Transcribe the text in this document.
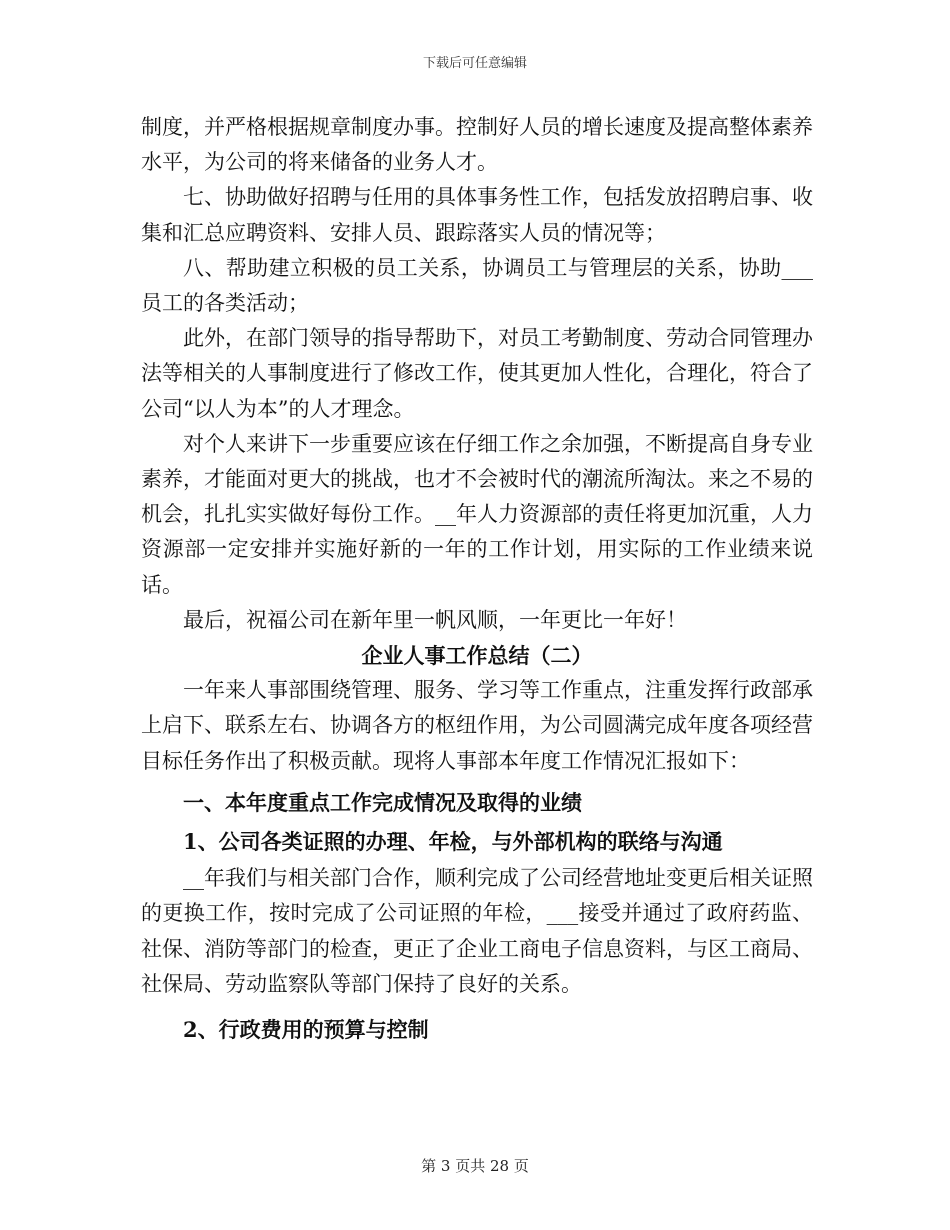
下载后可任意编辑

制度，并严格根据规章制度办事。控制好人员的增长速度及提高整体素养水平，为公司的将来储备的业务人才。

七、协助做好招聘与任用的具体事务性工作，包括发放招聘启事、收集和汇总应聘资料、安排人员、跟踪落实人员的情况等；

八、帮助建立积极的员工关系，协调员工与管理层的关系，协助___员工的各类活动；

此外，在部门领导的指导帮助下，对员工考勤制度、劳动合同管理办法等相关的人事制度进行了修改工作，使其更加人性化，合理化，符合了公司“以人为本”的人才理念。

对个人来讲下一步重要应该在仔细工作之余加强，不断提高自身专业素养，才能面对更大的挑战，也才不会被时代的潮流所淘汰。来之不易的机会，扎扎实实做好每份工作。__年人力资源部的责任将更加沉重，人力资源部一定安排并实施好新的一年的工作计划，用实际的工作业绩来说话。

最后，祝福公司在新年里一帆风顺，一年更比一年好！

企业人事工作总结（二）

一年来人事部围绕管理、服务、学习等工作重点，注重发挥行政部承上启下、联系左右、协调各方的枢纽作用，为公司圆满完成年度各项经营目标任务作出了积极贡献。现将人事部本年度工作情况汇报如下：

一、本年度重点工作完成情况及取得的业绩

1、公司各类证照的办理、年检，与外部机构的联络与沟通

__年我们与相关部门合作，顺利完成了公司经营地址变更后相关证照的更换工作，按时完成了公司证照的年检，___接受并通过了政府药监、社保、消防等部门的检查，更正了企业工商电子信息资料，与区工商局、社保局、劳动监察队等部门保持了良好的关系。

2、行政费用的预算与控制

第 3 页共 28 页
